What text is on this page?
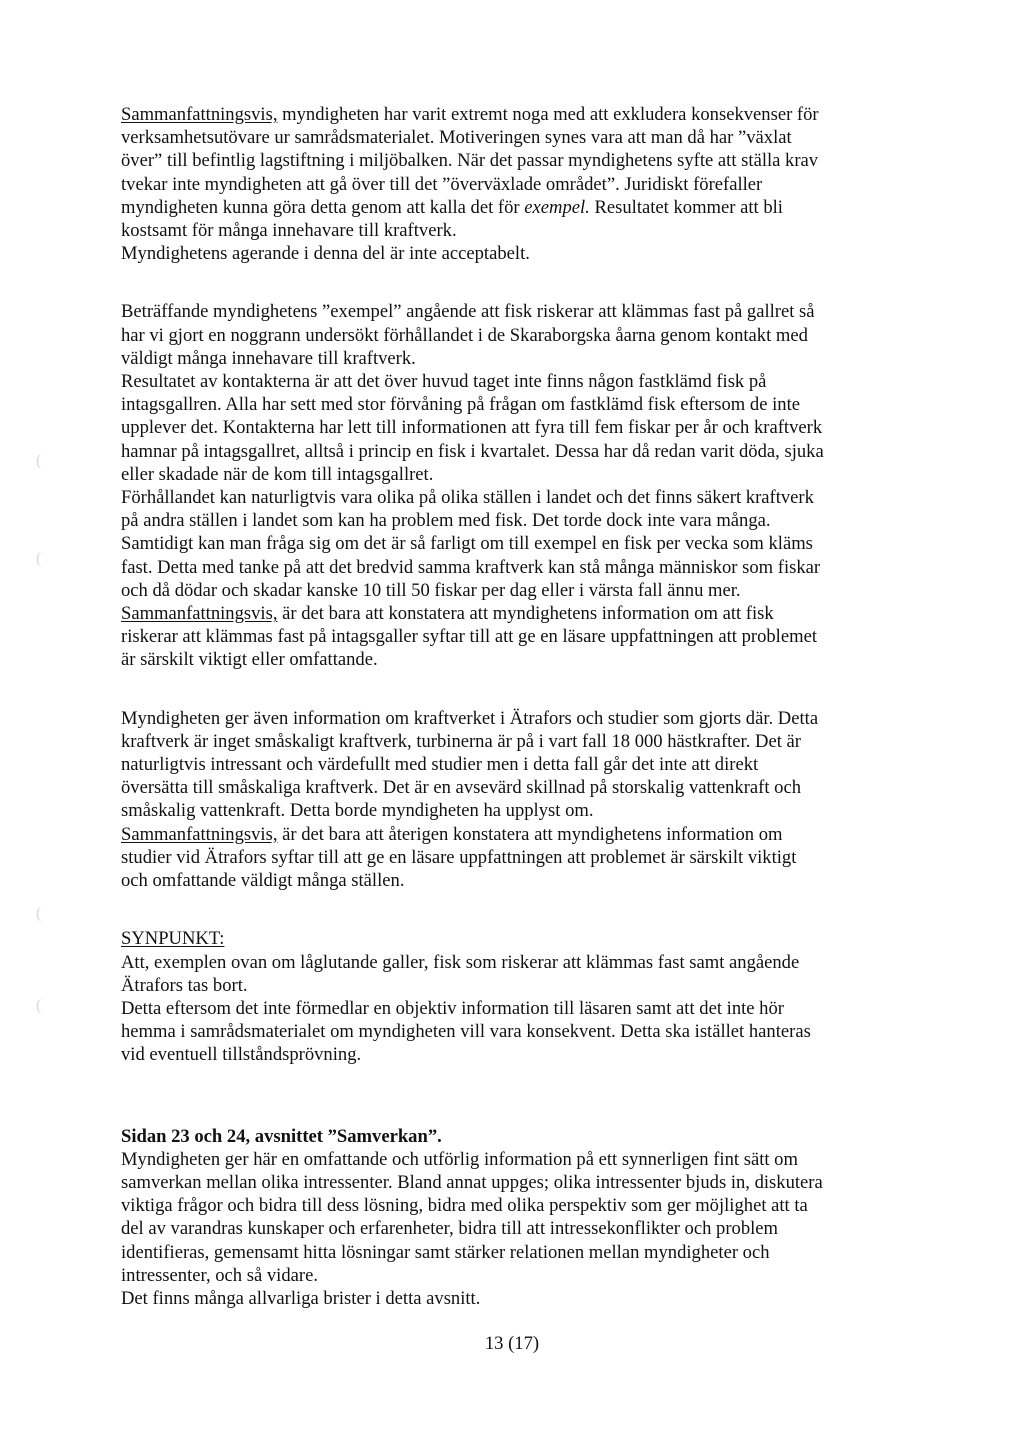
(
(
(
(
Sammanfattningsvis, myndigheten har varit extremt noga med att exkludera konsekvenser för
verksamhetsutövare ur samrådsmaterialet. Motiveringen synes vara att man då har ”växlat
över” till befintlig lagstiftning i miljöbalken. När det passar myndighetens syfte att ställa krav
tvekar inte myndigheten att gå över till det ”överväxlade området”. Juridiskt förefaller
myndigheten kunna göra detta genom att kalla det för exempel. Resultatet kommer att bli
kostsamt för många innehavare till kraftverk.
Myndighetens agerande i denna del är inte acceptabelt.
Beträffande myndighetens ”exempel” angående att fisk riskerar att klämmas fast på gallret så
har vi gjort en noggrann undersökt förhållandet i de Skaraborgska åarna genom kontakt med
väldigt många innehavare till kraftverk.
Resultatet av kontakterna är att det över huvud taget inte finns någon fastklämd fisk på
intagsgallren. Alla har sett med stor förvåning på frågan om fastklämd fisk eftersom de inte
upplever det. Kontakterna har lett till informationen att fyra till fem fiskar per år och kraftverk
hamnar på intagsgallret, alltså i princip en fisk i kvartalet. Dessa har då redan varit döda, sjuka
eller skadade när de kom till intagsgallret.
Förhållandet kan naturligtvis vara olika på olika ställen i landet och det finns säkert kraftverk
på andra ställen i landet som kan ha problem med fisk. Det torde dock inte vara många.
Samtidigt kan man fråga sig om det är så farligt om till exempel en fisk per vecka som kläms
fast. Detta med tanke på att det bredvid samma kraftverk kan stå många människor som fiskar
och då dödar och skadar kanske 10 till 50 fiskar per dag eller i värsta fall ännu mer.
Sammanfattningsvis, är det bara att konstatera att myndighetens information om att fisk
riskerar att klämmas fast på intagsgaller syftar till att ge en läsare uppfattningen att problemet
är särskilt viktigt eller omfattande.
Myndigheten ger även information om kraftverket i Ätrafors och studier som gjorts där. Detta
kraftverk är inget småskaligt kraftverk, turbinerna är på i vart fall 18 000 hästkrafter. Det är
naturligtvis intressant och värdefullt med studier men i detta fall går det inte att direkt
översätta till småskaliga kraftverk. Det är en avsevärd skillnad på storskalig vattenkraft och
småskalig vattenkraft. Detta borde myndigheten ha upplyst om.
Sammanfattningsvis, är det bara att återigen konstatera att myndighetens information om
studier vid Ätrafors syftar till att ge en läsare uppfattningen att problemet är särskilt viktigt
och omfattande väldigt många ställen.
SYNPUNKT:
Att, exemplen ovan om låglutande galler, fisk som riskerar att klämmas fast samt angående
Ätrafors tas bort.
Detta eftersom det inte förmedlar en objektiv information till läsaren samt att det inte hör
hemma i samrådsmaterialet om myndigheten vill vara konsekvent. Detta ska istället hanteras
vid eventuell tillståndsprövning.
Sidan 23 och 24, avsnittet ”Samverkan”.
Myndigheten ger här en omfattande och utförlig information på ett synnerligen fint sätt om
samverkan mellan olika intressenter. Bland annat uppges; olika intressenter bjuds in, diskutera
viktiga frågor och bidra till dess lösning, bidra med olika perspektiv som ger möjlighet att ta
del av varandras kunskaper och erfarenheter, bidra till att intressekonflikter och problem
identifieras, gemensamt hitta lösningar samt stärker relationen mellan myndigheter och
intressenter, och så vidare.
Det finns många allvarliga brister i detta avsnitt.
13 (17)
